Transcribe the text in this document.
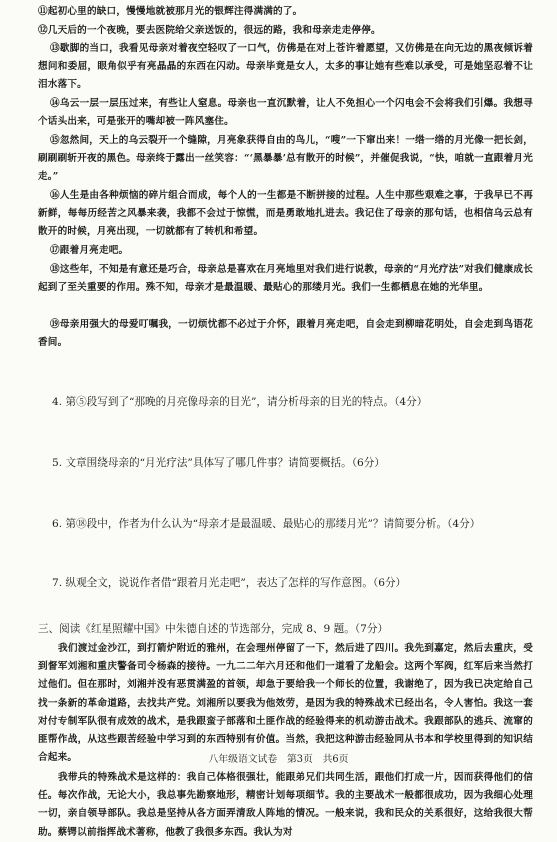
⑪起初心里的缺口，慢慢地就被那月光的银辉注得满满的了。
⑫几天后的一个夜晚，要去医院给父亲送饭的，很远的路，我和母亲走走停停。
⑬歇脚的当口，我看见母亲对着夜空轻叹了一口气，仿佛是在对上苍许着愿望，又仿佛是在向无边的黑夜倾诉着想问和委屈，眼角似乎有亮晶晶的东西在闪动。母亲毕竟是女人，太多的事让她有些难以承受，可是她坚忍着不让泪水落下。
⑭乌云一层一层压过来，有些让人窒息。母亲也一直沉默着，让人不免担心一个闪电会不会将我们引爆。我想寻个话头出来，可是张开的嘴却被一阵风塞住。
⑮忽然间，天上的乌云裂开一个缝隙，月亮象获得自由的鸟儿，“嗖”一下窜出来！一绺一绺的月光像一把长剑，刷刷刷斩开夜的黑色。母亲终于露出一丝笑容：“‘黑暴暴’总有散开的时候”，并催促我说，“快，咱就一直跟着月光走。”
⑯人生是由各种烦恼的碎片组合而成，每个人的一生都是不断拼接的过程。人生中那些艰难之事，于我早已不再新鲜，每每历经苦之风暴来袭，我都不会过于惊慌，而是勇敢地扎进去。我记住了母亲的那句话，也相信乌云总有散开的时候，月亮出现，一切就都有了转机和希望。
⑰跟着月亮走吧。
⑱这些年，不知是有意还是巧合，母亲总是喜欢在月亮地里对我们进行说教，母亲的“月光疗法”对我们健康成长起到了至关重要的作用。殊不知，母亲才是最温暖、最贴心的那缕月光。我们一生都栖息在她的光华里。
⑲母亲用强大的母爱叮嘱我，一切烦忧都不必过于介怀，跟着月亮走吧，自会走到柳暗花明处，自会走到鸟语花香间。
4. 第⑤段写到了“那晚的月亮像母亲的目光”，请分析母亲的目光的特点。（4分）
5. 文章围绕母亲的“月光疗法”具体写了哪几件事？请简要概括。（6分）
6. 第⑱段中，作者为什么认为“母亲才是最温暖、最贴心的那缕月光”？请简要分析。（4分）
7. 纵观全文，说说作者借“跟着月光走吧”，表达了怎样的写作意图。（6分）
三、阅读《红星照耀中国》中朱德自述的节选部分，完成 8、9 题。（7分）
我们渡过金沙江，到打箭炉附近的雅州，在会理州停留了一下，然后进了四川。我先到嘉定，然后去重庆，受到督军刘湘和重庆警备司令杨森的接待。一九二二年六月还和他们一道看了龙船会。这两个军阀，红军后来当然打过他们。但在那时，刘湘并没有恶贯满盈的首领，却急于要给我一个师长的位置，我谢绝了，因为我已决定给自己找一条新的革命道路，去找共产党。刘湘所以要我为他效劳，是因为我的特殊战术已经出名，令人害怕。我这一套对付专制军队很有成效的战术，是我跟蛮子部落和土匪作战的经验得来的机动游击战术。我跟部队的逃兵、流窜的匪帮作战，从这些跟苦经验中学习到的东西特别有价值。当然，我把这种游击经验同从书本和学校里得到的知识结合起来。
我带兵的特殊战术是这样的：我自己体格很强壮，能跟弟兄们共同生活，跟他们打成一片，因而获得他们的信任。每次作战，无论大小，我总事先勘察地形，精密计划每项细节。我的主要战术一般都很成功，因为我细心处理一切，亲自领导部队。我总是坚持从各方面弄清敌人阵地的情况。一般来说，我和民众的关系很好，这给我很大帮助。蔡锷以前指挥战术著称，他教了我很多东西。我认为对
八年级语文试卷　第3页　共6页
